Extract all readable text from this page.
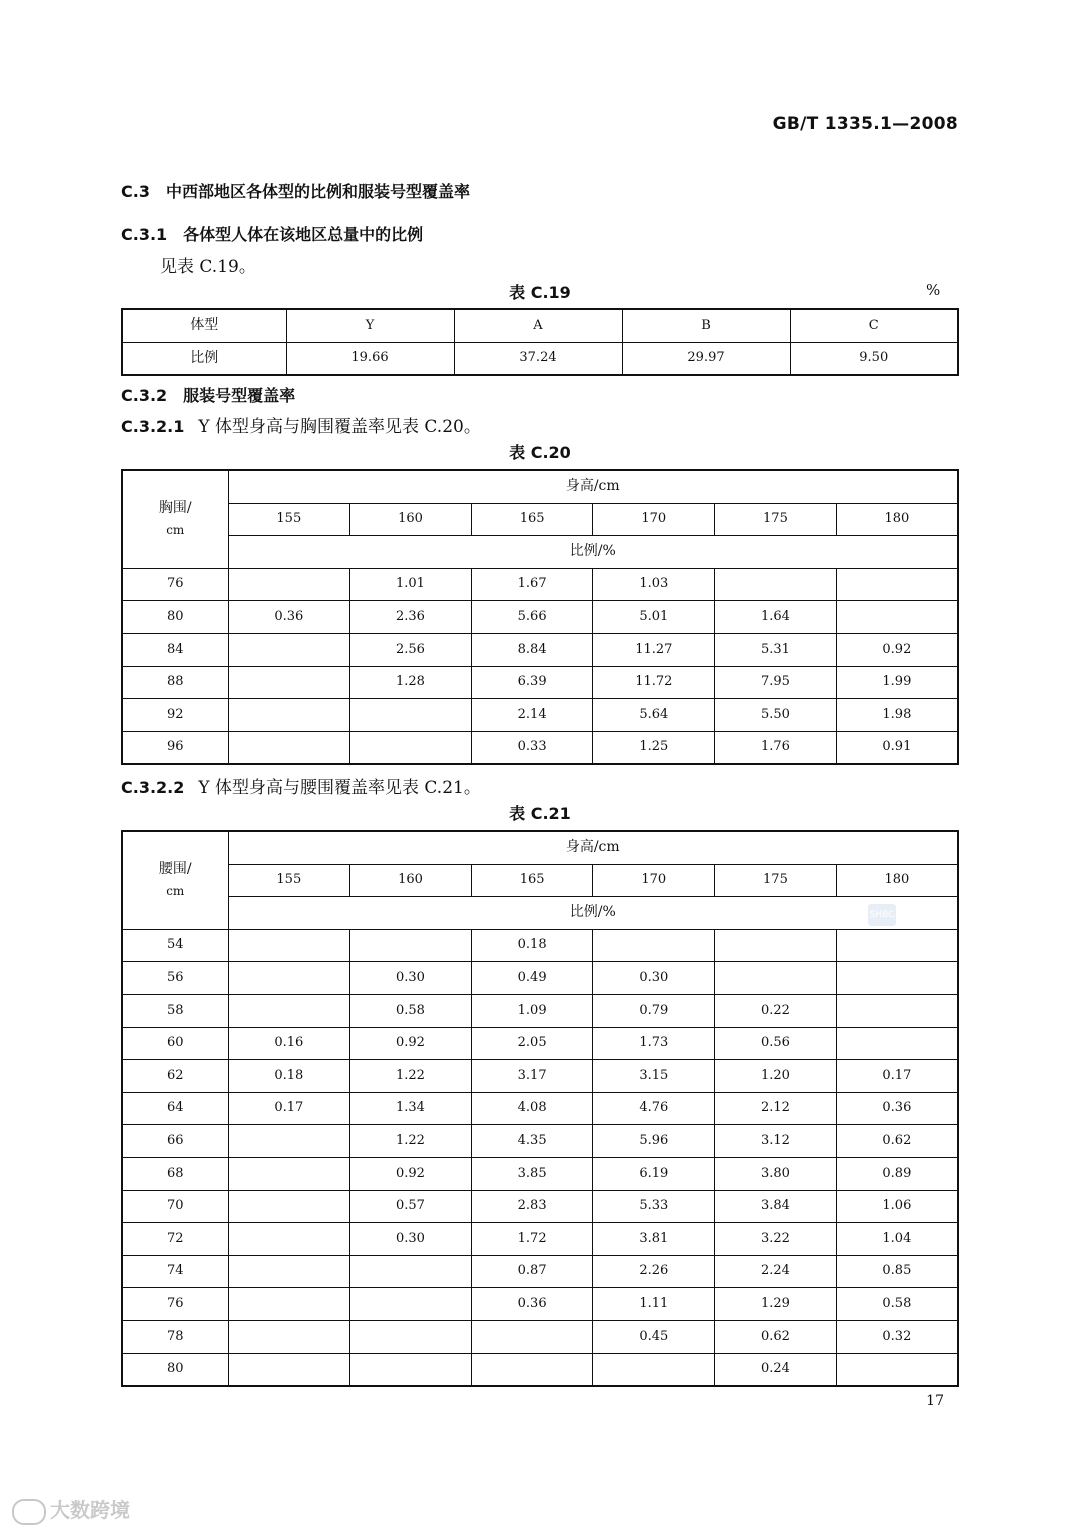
GB/T 1335.1—2008
C.3 中西部地区各体型的比例和服装号型覆盖率
C.3.1 各体型人体在该地区总量中的比例
见表 C.19。
表 C.19	%
体型	Y	A	B	C
比例	19.66	37.24	29.97	9.50
C.3.2 服装号型覆盖率
C.3.2.1 Y 体型身高与胸围覆盖率见表 C.20。
表 C.20
胸围/
cm	身高/cm					
	155	160	165	170	175	180
	比例/%					
76		1.01	1.67	1.03		
80	0.36	2.36	5.66	5.01	1.64	
84		2.56	8.84	11.27	5.31	0.92
88		1.28	6.39	11.72	7.95	1.99
92			2.14	5.64	5.50	1.98
96			0.33	1.25	1.76	0.91
C.3.2.2 Y 体型身高与腰围覆盖率见表 C.21。
表 C.21
腰围/
cm	身高/cm					
	155	160	165	170	175	180
	比例/%					
54			0.18			
56		0.30	0.49	0.30		
58		0.58	1.09	0.79	0.22	
60	0.16	0.92	2.05	1.73	0.56	
62	0.18	1.22	3.17	3.15	1.20	0.17
64	0.17	1.34	4.08	4.76	2.12	0.36
66		1.22	4.35	5.96	3.12	0.62
68		0.92	3.85	6.19	3.80	0.89
70		0.57	2.83	5.33	3.84	1.06
72		0.30	1.72	3.81	3.22	1.04
74			0.87	2.26	2.24	0.85
76			0.36	1.11	1.29	0.58
78				0.45	0.62	0.32
80					0.24	
SHBC
17
大数跨境
